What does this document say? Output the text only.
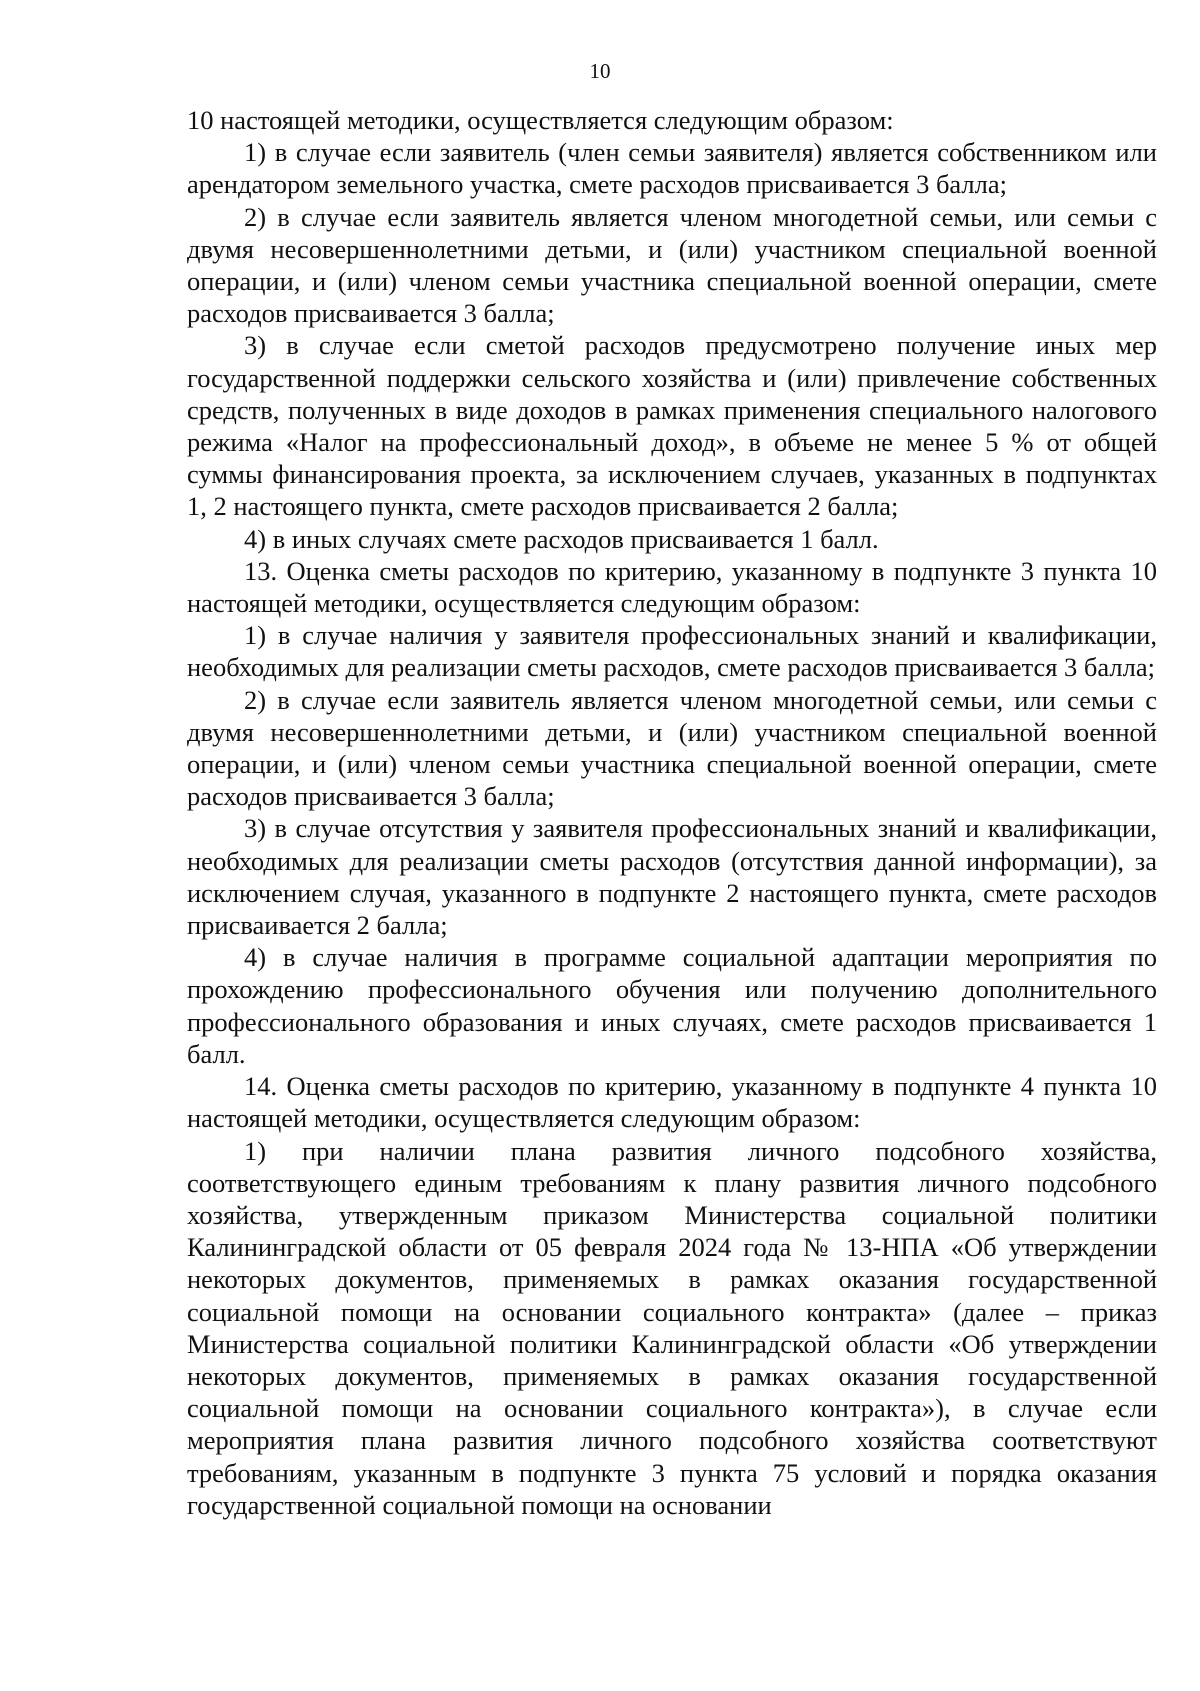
10

10 настоящей методики, осуществляется следующим образом:

1) в случае если заявитель (член семьи заявителя) является собственником или арендатором земельного участка, смете расходов присваивается 3 балла;

2) в случае если заявитель является членом многодетной семьи, или семьи с двумя несовершеннолетними детьми, и (или) участником специальной военной операции, и (или) членом семьи участника специальной военной операции, смете расходов присваивается 3 балла;

3) в случае если сметой расходов предусмотрено получение иных мер государственной поддержки сельского хозяйства и (или) привлечение собственных средств, полученных в виде доходов в рамках применения специального налогового режима «Налог на профессиональный доход», в объеме не менее 5 % от общей суммы финансирования проекта, за исключением случаев, указанных в подпунктах 1, 2 настоящего пункта, смете расходов присваивается 2 балла;

4) в иных случаях смете расходов присваивается 1 балл.

13. Оценка сметы расходов по критерию, указанному в подпункте 3 пункта 10 настоящей методики, осуществляется следующим образом:

1) в случае наличия у заявителя профессиональных знаний и квалификации, необходимых для реализации сметы расходов, смете расходов присваивается 3 балла;

2) в случае если заявитель является членом многодетной семьи, или семьи с двумя несовершеннолетними детьми, и (или) участником специальной военной операции, и (или) членом семьи участника специальной военной операции, смете расходов присваивается 3 балла;

3) в случае отсутствия у заявителя профессиональных знаний и квалификации, необходимых для реализации сметы расходов (отсутствия данной информации), за исключением случая, указанного в подпункте 2 настоящего пункта, смете расходов присваивается 2 балла;

4) в случае наличия в программе социальной адаптации мероприятия по прохождению профессионального обучения или получению дополнительного профессионального образования и иных случаях, смете расходов присваивается 1 балл.

14. Оценка сметы расходов по критерию, указанному в подпункте 4 пункта 10 настоящей методики, осуществляется следующим образом:

1) при наличии плана развития личного подсобного хозяйства, соответствующего единым требованиям к плану развития личного подсобного хозяйства, утвержденным приказом Министерства социальной политики Калининградской области от 05 февраля 2024 года № 13-НПА «Об утверждении некоторых документов, применяемых в рамках оказания государственной социальной помощи на основании социального контракта» (далее – приказ Министерства социальной политики Калининградской области «Об утверждении некоторых документов, применяемых в рамках оказания государственной социальной помощи на основании социального контракта»), в случае если мероприятия плана развития личного подсобного хозяйства соответствуют требованиям, указанным в подпункте 3 пункта 75 условий и порядка оказания государственной социальной помощи на основании
